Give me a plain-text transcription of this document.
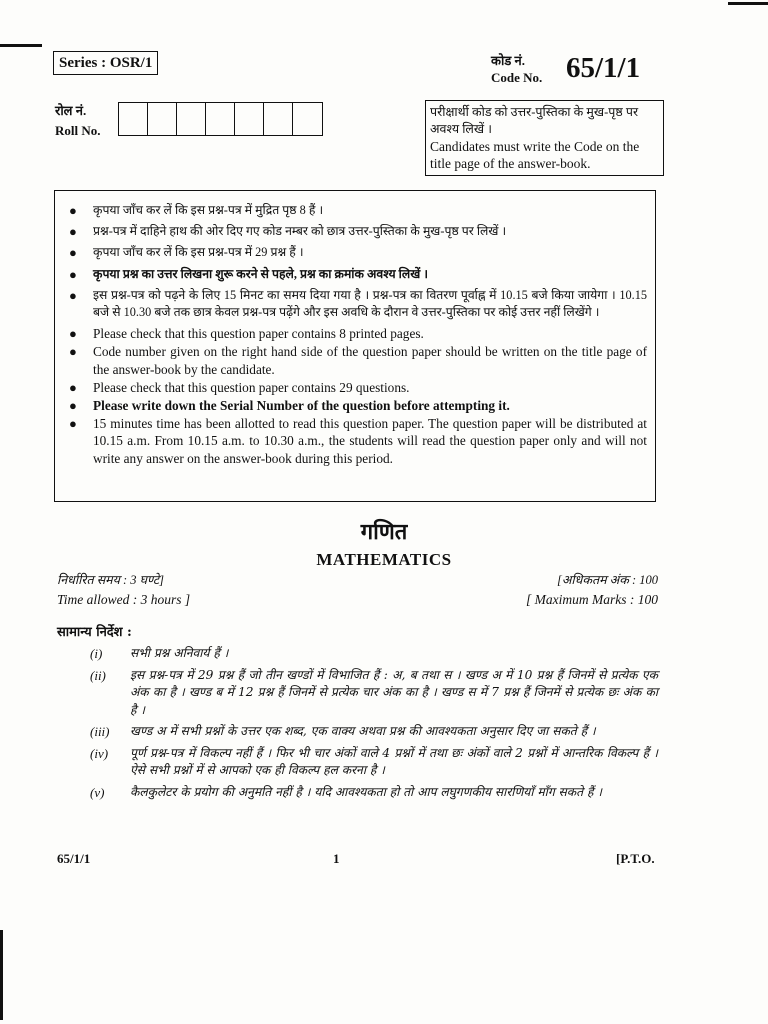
Series : OSR/1	कोड नं.
Code No. 65/1/1
रोल नं.
Roll No.
परीक्षार्थी कोड को उत्तर-पुस्तिका के मुख-पृष्ठ पर अवश्य लिखें ।
Candidates must write the Code on the title page of the answer-book.
● कृपया जाँच कर लें कि इस प्रश्न-पत्र में मुद्रित पृष्ठ 8 हैं ।
● प्रश्न-पत्र में दाहिने हाथ की ओर दिए गए कोड नम्बर को छात्र उत्तर-पुस्तिका के मुख-पृष्ठ पर लिखें ।
● कृपया जाँच कर लें कि इस प्रश्न-पत्र में 29 प्रश्न हैं ।
● कृपया प्रश्न का उत्तर लिखना शुरू करने से पहले, प्रश्न का क्रमांक अवश्य लिखें ।
● इस प्रश्न-पत्र को पढ़ने के लिए 15 मिनट का समय दिया गया है । प्रश्न-पत्र का वितरण पूर्वाह्न में 10.15 बजे किया जायेगा । 10.15 बजे से 10.30 बजे तक छात्र केवल प्रश्न-पत्र पढ़ेंगे और इस अवधि के दौरान वे उत्तर-पुस्तिका पर कोई उत्तर नहीं लिखेंगे ।
● Please check that this question paper contains 8 printed pages.
● Code number given on the right hand side of the question paper should be written on the title page of the answer-book by the candidate.
● Please check that this question paper contains 29 questions.
● Please write down the Serial Number of the question before attempting it.
● 15 minutes time has been allotted to read this question paper. The question paper will be distributed at 10.15 a.m. From 10.15 a.m. to 10.30 a.m., the students will read the question paper only and will not write any answer on the answer-book during this period.
गणित
MATHEMATICS
निर्धारित समय : 3 घण्टे]
Time allowed : 3 hours ]
[अधिकतम अंक : 100
[ Maximum Marks : 100
सामान्य निर्देश :
(i) सभी प्रश्न अनिवार्य हैं ।
(ii) इस प्रश्न-पत्र में 29 प्रश्न हैं जो तीन खण्डों में विभाजित हैं : अ, ब तथा स । खण्ड अ में 10 प्रश्न हैं जिनमें से प्रत्येक एक अंक का है । खण्ड ब में 12 प्रश्न हैं जिनमें से प्रत्येक चार अंक का है । खण्ड स में 7 प्रश्न हैं जिनमें से प्रत्येक छः अंक का है ।
(iii) खण्ड अ में सभी प्रश्नों के उत्तर एक शब्द, एक वाक्य अथवा प्रश्न की आवश्यकता अनुसार दिए जा सकते हैं ।
(iv) पूर्ण प्रश्न-पत्र में विकल्प नहीं हैं । फिर भी चार अंकों वाले 4 प्रश्नों में तथा छः अंकों वाले 2 प्रश्नों में आन्तरिक विकल्प हैं । ऐसे सभी प्रश्नों में से आपको एक ही विकल्प हल करना है ।
(v) कैलकुलेटर के प्रयोग की अनुमति नहीं है । यदि आवश्यकता हो तो आप लघुगणकीय सारणियाँ माँग सकते हैं ।
65/1/1	1	[P.T.O.
